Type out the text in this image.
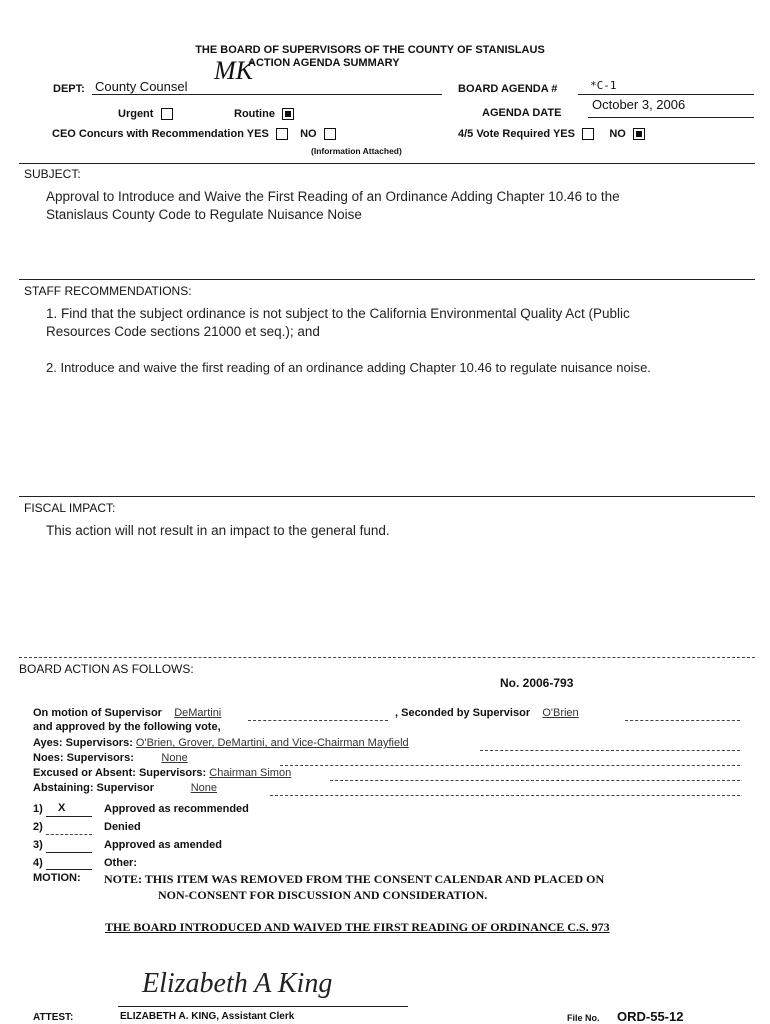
THE BOARD OF SUPERVISORS OF THE COUNTY OF STANISLAUS
ACTION AGENDA SUMMARY
DEPT: County Counsel
MK
BOARD AGENDA #	*C-1
Urgent	Routine	AGENDA DATE
October 3, 2006
CEO Concurs with Recommendation YES	NO
(Information Attached)
4/5 Vote Required YES	NO
SUBJECT:
Approval to Introduce and Waive the First Reading of an Ordinance Adding Chapter 10.46 to the
Stanislaus County Code to Regulate Nuisance Noise
STAFF RECOMMENDATIONS:
1. Find that the subject ordinance is not subject to the California Environmental Quality Act (Public
Resources Code sections 21000 et seq.); and
2. Introduce and waive the first reading of an ordinance adding Chapter 10.46 to regulate nuisance noise.
FISCAL IMPACT:
This action will not result in an impact to the general fund.
BOARD ACTION AS FOLLOWS:
No. 2006-793
On motion of Supervisor DeMartini	, Seconded by Supervisor O'Brien
and approved by the following vote,
Ayes: Supervisors: O'Brien, Grover, DeMartini, and Vice-Chairman Mayfield
Noes: Supervisors:	None
Excused or Absent: Supervisors: Chairman Simon
Abstaining: Supervisor	None
1) X	Approved as recommended
2)	Denied
3)	Approved as amended
4)	Other:
MOTION: NOTE: THIS ITEM WAS REMOVED FROM THE CONSENT CALENDAR AND PLACED ON
NON-CONSENT FOR DISCUSSION AND CONSIDERATION.
THE BOARD INTRODUCED AND WAIVED THE FIRST READING OF ORDINANCE C.S. 973
Elizabeth A King
ATTEST:	ELIZABETH A. KING, Assistant Clerk	File No. ORD-55-12
